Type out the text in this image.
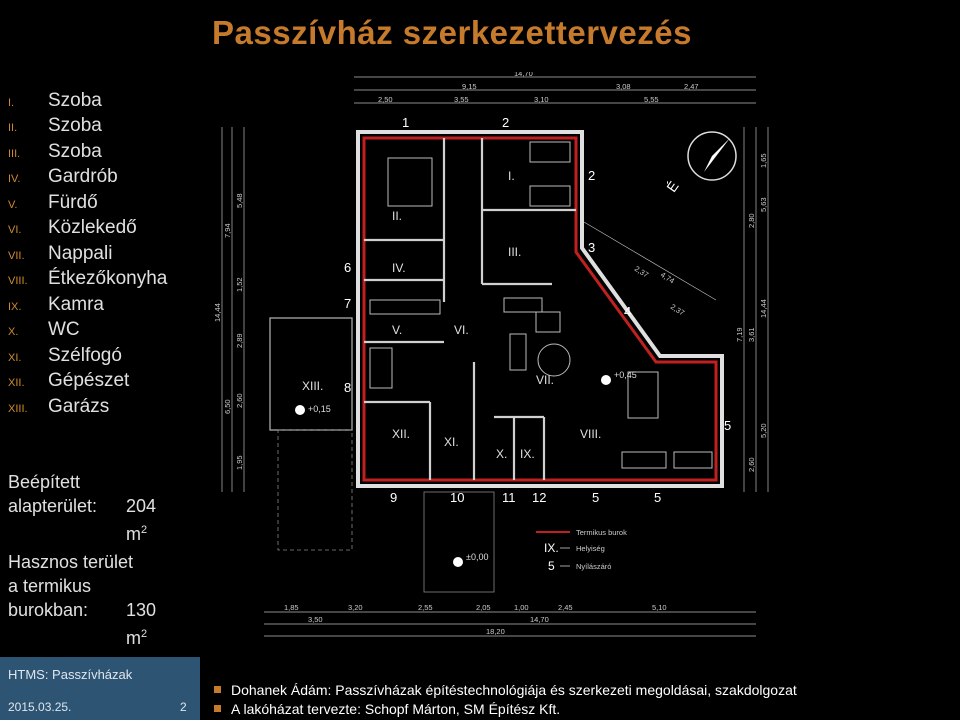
Passzívház szerkezettervezés
I.	Szoba
II.	Szoba
III.	Szoba
IV.	Gardrób
V.	Fürdő
VI.	Közlekedő
VII.	Nappali
VIII.	Étkezőkonyha
IX.	Kamra
X.	WC
XI.	Szélfogó
XII.	Gépészet
XIII.	Garázs
Beépített
alapterület: 204 $m^2$
Hasznos terület
a termikus
burokban: 130 $m^2$
I.
II.
III.
IV.
V.	VI.
VII.
VIII.
IX.
X.
XI.
XII.
XIII.
1	2
2
3
4
5
6
7
8
9	10	11 12	5	5
+0,15
+0,45
±0,00
É
14,70
9,15	3,08	2,47
2,50	3,55	3,10	5,55
1,85	3,20	2,55	2,05	1,00	2,45	5,10
3,50	14,70
18,20
14,44
7,94
5,48
1,52
2,89
6,50 2,60
1,95
1,65
2,80
5,63
7,19 3,61
14,44
2,60
5,20
2,37 4,74
2,37
Termikus burok
IX. Helyiség
5	Nyílászáró
HTMS: Passzívházak
2015.03.25.	2
Dohanek Ádám: Passzívházak építéstechnológiája és szerkezeti megoldásai, szakdolgozat
A lakóházat tervezte: Schopf Márton, SM Építész Kft.
